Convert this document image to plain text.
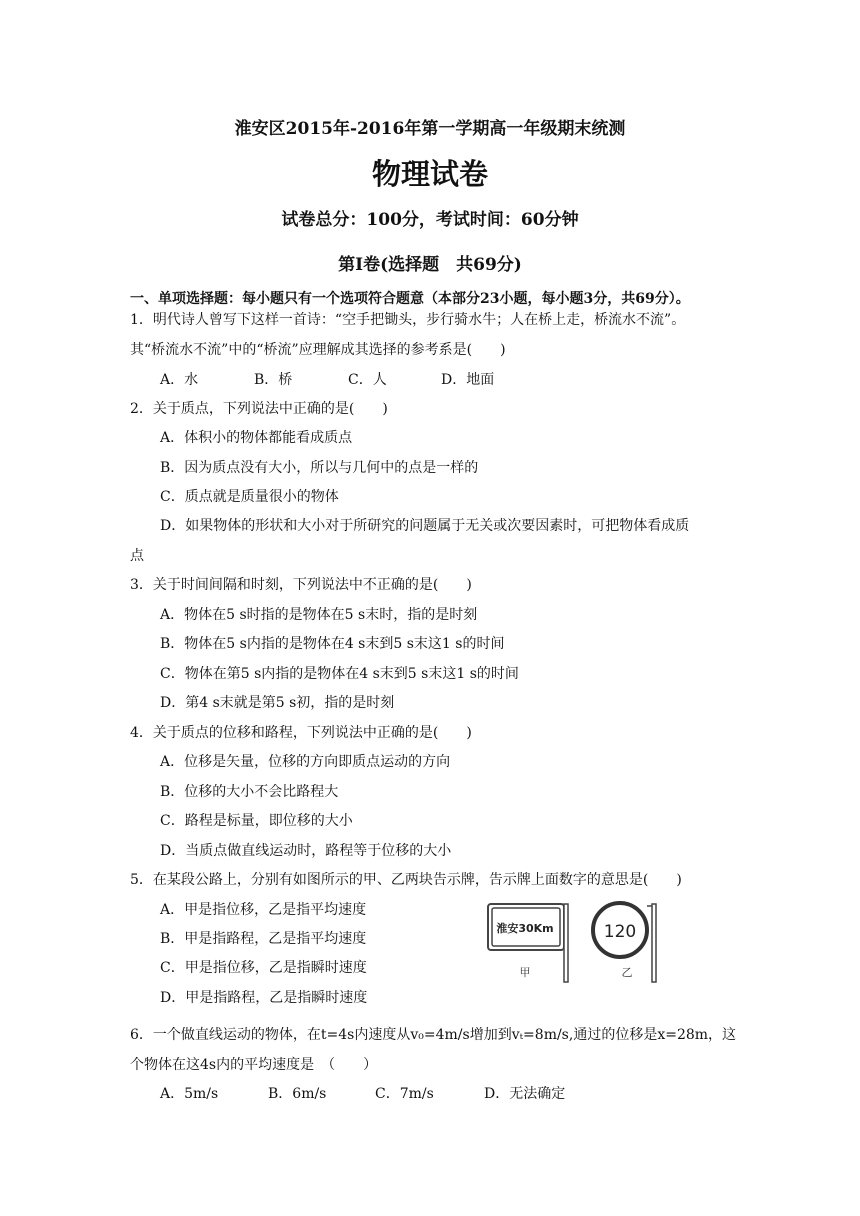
淮安区2015年-2016年第一学期高一年级期末统测
物理试卷
试卷总分：100分，考试时间：60分钟
第Ⅰ卷(选择题　共69分)
一、单项选择题：每小题只有一个选项符合题意（本部分23小题，每小题3分，共69分）。
1．明代诗人曾写下这样一首诗：“空手把锄头，步行骑水牛；人在桥上走，桥流水不流”。
其“桥流水不流”中的“桥流”应理解成其选择的参考系是(　　)
A．水	B．桥	C．人	D．地面
2．关于质点，下列说法中正确的是(　　)
A．体积小的物体都能看成质点
B．因为质点没有大小，所以与几何中的点是一样的
C．质点就是质量很小的物体
D．如果物体的形状和大小对于所研究的问题属于无关或次要因素时，可把物体看成质
点
3．关于时间间隔和时刻，下列说法中不正确的是(　　)
A．物体在5 s时指的是物体在5 s末时，指的是时刻
B．物体在5 s内指的是物体在4 s末到5 s末这1 s的时间
C．物体在第5 s内指的是物体在4 s末到5 s末这1 s的时间
D．第4 s末就是第5 s初，指的是时刻
4．关于质点的位移和路程，下列说法中正确的是(　　)
A．位移是矢量，位移的方向即质点运动的方向
B．位移的大小不会比路程大
C．路程是标量，即位移的大小
D．当质点做直线运动时，路程等于位移的大小
5．在某段公路上，分别有如图所示的甲、乙两块告示牌，告示牌上面数字的意思是(　　)
A．甲是指位移，乙是指平均速度
B．甲是指路程，乙是指平均速度
C．甲是指位移，乙是指瞬时速度
D．甲是指路程，乙是指瞬时速度
淮安30Km
甲
120
乙
6．一个做直线运动的物体，在t=4s内速度从v₀=4m/s增加到vₜ=8m/s,通过的位移是x=28m，这
个物体在这4s内的平均速度是　（　　）
A．5m/s	B．6m/s	C．7m/s	D．无法确定
